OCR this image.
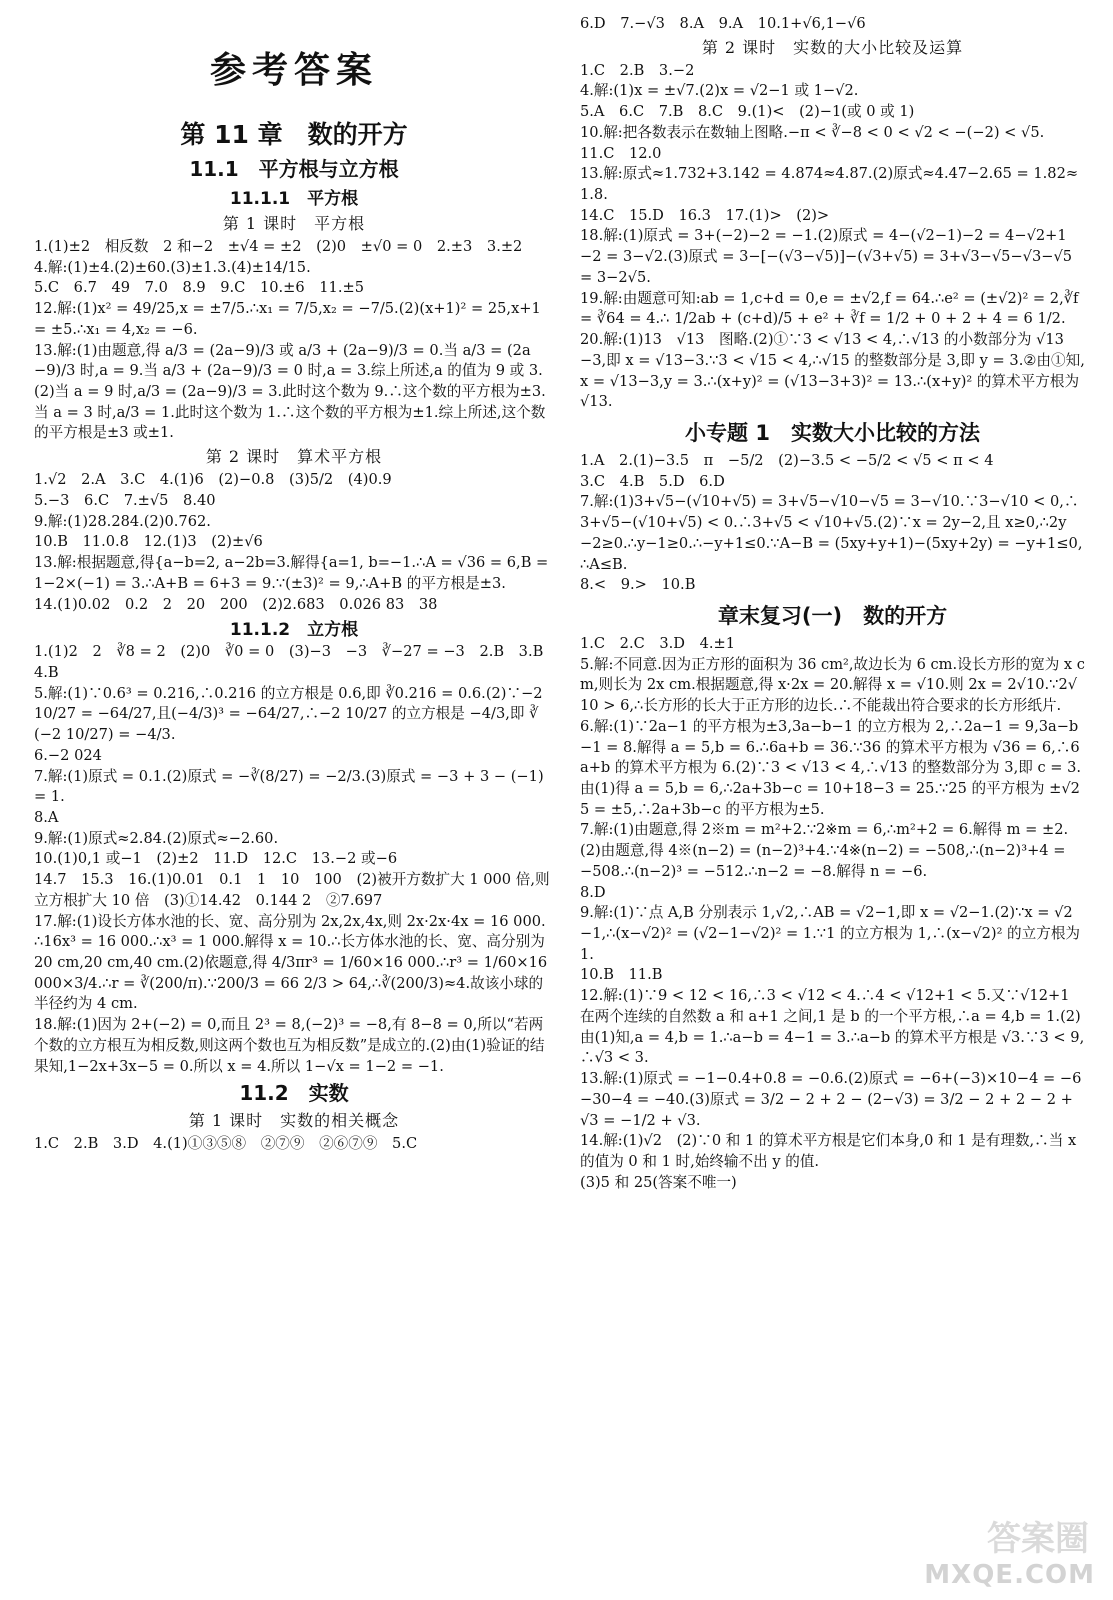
参考答案
第 11 章　数的开方
11.1　平方根与立方根
11.1.1　平方根
第 1 课时　平方根

1.(1)±2　相反数　2 和−2　±√4 = ±2　(2)0　±√0 = 0　2.±3　3.±2

4.解:(1)±4.(2)±60.(3)±1.3.(4)±14/15.

5.C　6.7　49　7.0　8.9　9.C　10.±6　11.±5

12.解:(1)x² = 49/25,x = ±7/5.∴x₁ = 7/5,x₂ = −7/5.(2)(x+1)² = 25,x+1 = ±5.∴x₁ = 4,x₂ = −6.

13.解:(1)由题意,得 a/3 = (2a−9)/3 或 a/3 + (2a−9)/3 = 0.当 a/3 = (2a−9)/3 时,a = 9.当 a/3 + (2a−9)/3 = 0 时,a = 3.综上所述,a 的值为 9 或 3.(2)当 a = 9 时,a/3 = (2a−9)/3 = 3.此时这个数为 9.∴这个数的平方根为±3.当 a = 3 时,a/3 = 1.此时这个数为 1.∴这个数的平方根为±1.综上所述,这个数的平方根是±3 或±1.

第 2 课时　算术平方根

1.√2　2.A　3.C　4.(1)6　(2)−0.8　(3)5/2　(4)0.9

5.−3　6.C　7.±√5　8.40

9.解:(1)28.284.(2)0.762.

10.B　11.0.8　12.(1)3　(2)±√6

13.解:根据题意,得{a−b=2, a−2b=3.解得{a=1, b=−1.∴A = √36 = 6,B = 1−2×(−1) = 3.∴A+B = 6+3 = 9.∵(±3)² = 9,∴A+B 的平方根是±3.

14.(1)0.02　0.2　2　20　200　(2)2.683　0.026 83　38

11.1.2　立方根

1.(1)2　2　∛8 = 2　(2)0　∛0 = 0　(3)−3　−3　∛−27 = −3　2.B　3.B　4.B

5.解:(1)∵0.6³ = 0.216,∴0.216 的立方根是 0.6,即 ∛0.216 = 0.6.(2)∵−2 10/27 = −64/27,且(−4/3)³ = −64/27,∴−2 10/27 的立方根是 −4/3,即 ∛(−2 10/27) = −4/3.

6.−2 024

7.解:(1)原式 = 0.1.(2)原式 = −∛(8/27) = −2/3.(3)原式 = −3 + 3 − (−1) = 1.

8.A

9.解:(1)原式≈2.84.(2)原式≈−2.60.

10.(1)0,1 或−1　(2)±2　11.D　12.C　13.−2 或−6

14.7　15.3　16.(1)0.01　0.1　1　10　100　(2)被开方数扩大 1 000 倍,则立方根扩大 10 倍　(3)①14.42　0.144 2　②7.697

17.解:(1)设长方体水池的长、宽、高分别为 2x,2x,4x,则 2x·2x·4x = 16 000.∴16x³ = 16 000.∴x³ = 1 000.解得 x = 10.∴长方体水池的长、宽、高分别为 20 cm,20 cm,40 cm.(2)依题意,得 4/3πr³ = 1/60×16 000.∴r³ = 1/60×16 000×3/4.∴r = ∛(200/π).∵200/3 = 66 2/3 > 64,∴∛(200/3)≈4.故该小球的半径约为 4 cm.

18.解:(1)因为 2+(−2) = 0,而且 2³ = 8,(−2)³ = −8,有 8−8 = 0,所以“若两个数的立方根互为相反数,则这两个数也互为相反数”是成立的.(2)由(1)验证的结果知,1−2x+3x−5 = 0.所以 x = 4.所以 1−√x = 1−2 = −1.

11.2　实数
第 1 课时　实数的相关概念

1.C　2.B　3.D　4.(1)①③⑤⑧　②⑦⑨　②⑥⑦⑨　5.C

6.D　7.−√3　8.A　9.A　10.1+√6,1−√6

第 2 课时　实数的大小比较及运算

1.C　2.B　3.−2

4.解:(1)x = ±√7.(2)x = √2−1 或 1−√2.

5.A　6.C　7.B　8.C　9.(1)<　(2)−1(或 0 或 1)

10.解:把各数表示在数轴上图略.−π < ∛−8 < 0 < √2 < −(−2) < √5.

11.C　12.0

13.解:原式≈1.732+3.142 = 4.874≈4.87.(2)原式≈4.47−2.65 = 1.82≈1.8.

14.C　15.D　16.3　17.(1)>　(2)>

18.解:(1)原式 = 3+(−2)−2 = −1.(2)原式 = 4−(√2−1)−2 = 4−√2+1−2 = 3−√2.(3)原式 = 3−[−(√3−√5)]−(√3+√5) = 3+√3−√5−√3−√5 = 3−2√5.

19.解:由题意可知:ab = 1,c+d = 0,e = ±√2,f = 64.∴e² = (±√2)² = 2,∛f = ∛64 = 4.∴ 1/2ab + (c+d)/5 + e² + ∛f = 1/2 + 0 + 2 + 4 = 6 1/2.

20.解:(1)13　√13　图略.(2)①∵3 < √13 < 4,∴√13 的小数部分为 √13−3,即 x = √13−3.∵3 < √15 < 4,∴√15 的整数部分是 3,即 y = 3.②由①知,x = √13−3,y = 3.∴(x+y)² = (√13−3+3)² = 13.∴(x+y)² 的算术平方根为 √13.

小专题 1　实数大小比较的方法

1.A　2.(1)−3.5　π　−5/2　(2)−3.5 < −5/2 < √5 < π < 4

3.C　4.B　5.D　6.D

7.解:(1)3+√5−(√10+√5) = 3+√5−√10−√5 = 3−√10.∵3−√10 < 0,∴3+√5−(√10+√5) < 0.∴3+√5 < √10+√5.(2)∵x = 2y−2,且 x≥0,∴2y−2≥0.∴y−1≥0.∴−y+1≤0.∵A−B = (5xy+y+1)−(5xy+2y) = −y+1≤0,∴A≤B.

8.<　9.>　10.B

章末复习(一)　数的开方

1.C　2.C　3.D　4.±1

5.解:不同意.因为正方形的面积为 36 cm²,故边长为 6 cm.设长方形的宽为 x cm,则长为 2x cm.根据题意,得 x·2x = 20.解得 x = √10.则 2x = 2√10.∵2√10 > 6,∴长方形的长大于正方形的边长.∴不能裁出符合要求的长方形纸片.

6.解:(1)∵2a−1 的平方根为±3,3a−b−1 的立方根为 2,∴2a−1 = 9,3a−b−1 = 8.解得 a = 5,b = 6.∴6a+b = 36.∵36 的算术平方根为 √36 = 6,∴6a+b 的算术平方根为 6.(2)∵3 < √13 < 4,∴√13 的整数部分为 3,即 c = 3.由(1)得 a = 5,b = 6,∴2a+3b−c = 10+18−3 = 25.∵25 的平方根为 ±√25 = ±5,∴2a+3b−c 的平方根为±5.

7.解:(1)由题意,得 2※m = m²+2.∵2※m = 6,∴m²+2 = 6.解得 m = ±2.(2)由题意,得 4※(n−2) = (n−2)³+4.∵4※(n−2) = −508,∴(n−2)³+4 = −508.∴(n−2)³ = −512.∴n−2 = −8.解得 n = −6.

8.D

9.解:(1)∵点 A,B 分别表示 1,√2,∴AB = √2−1,即 x = √2−1.(2)∵x = √2−1,∴(x−√2)² = (√2−1−√2)² = 1.∵1 的立方根为 1,∴(x−√2)² 的立方根为 1.

10.B　11.B

12.解:(1)∵9 < 12 < 16,∴3 < √12 < 4.∴4 < √12+1 < 5.又∵√12+1 在两个连续的自然数 a 和 a+1 之间,1 是 b 的一个平方根,∴a = 4,b = 1.(2)由(1)知,a = 4,b = 1.∴a−b = 4−1 = 3.∴a−b 的算术平方根是 √3.∵3 < 9,∴√3 < 3.

13.解:(1)原式 = −1−0.4+0.8 = −0.6.(2)原式 = −6+(−3)×10−4 = −6−30−4 = −40.(3)原式 = 3/2 − 2 + 2 − (2−√3) = 3/2 − 2 + 2 − 2 + √3 = −1/2 + √3.

14.解:(1)√2　(2)∵0 和 1 的算术平方根是它们本身,0 和 1 是有理数,∴当 x 的值为 0 和 1 时,始终输不出 y 的值.

(3)5 和 25(答案不唯一)

答案圈
MXQE.COM
